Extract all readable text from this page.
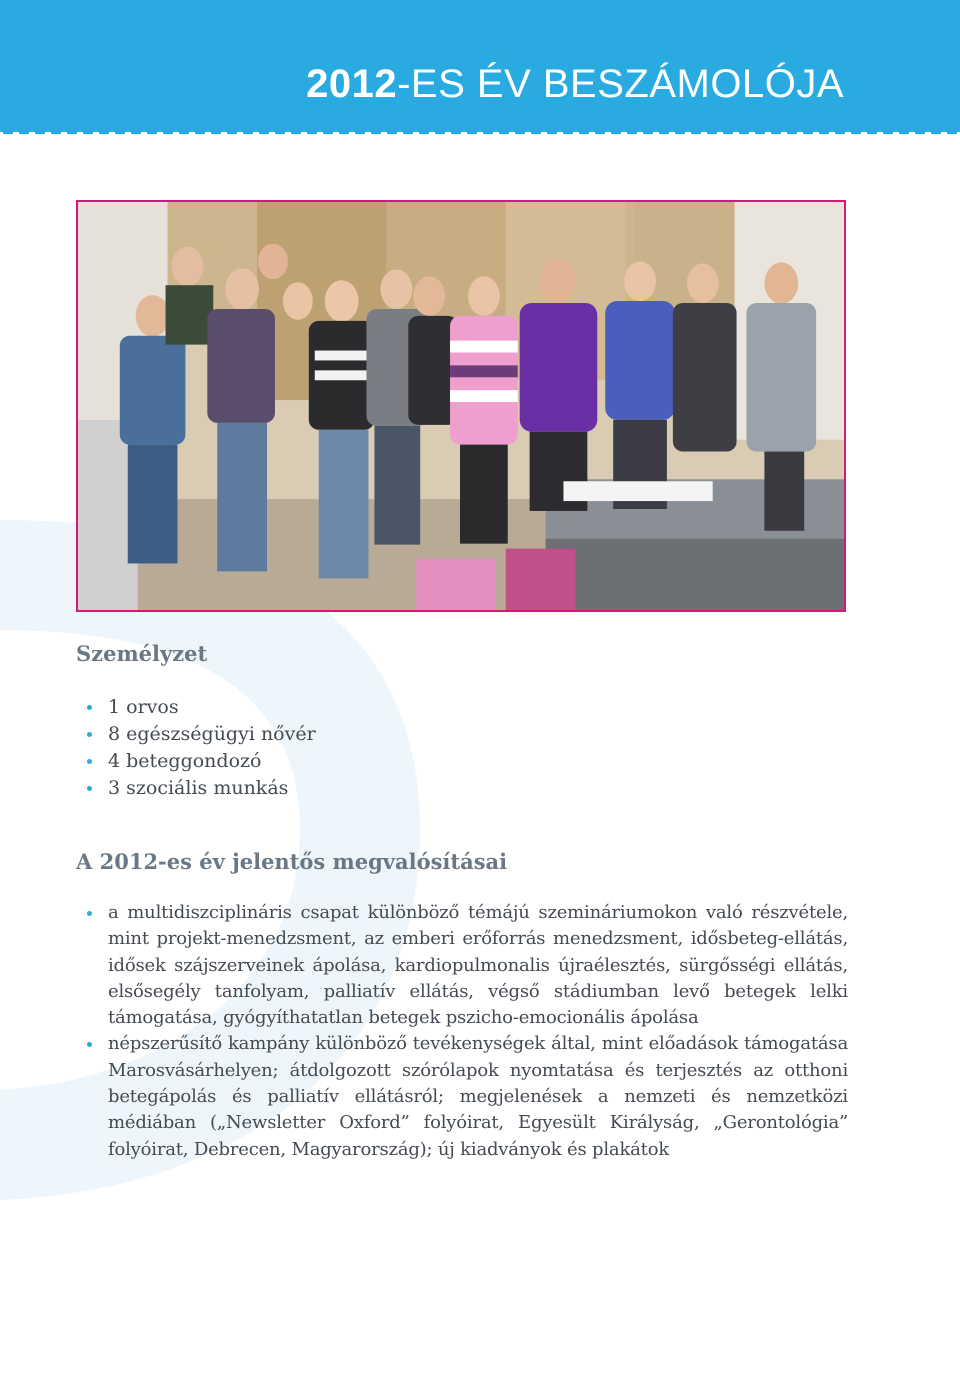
2012-ES ÉV BESZÁMOLÓJA
Személyzet
1 orvos
8 egészségügyi nővér
4 beteggondozó
3 szociális munkás
A 2012-es év jelentős megvalósításai
a multidiszciplináris csapat különböző témájú szemináriumokon való részvétele, mint projekt-menedzsment, az emberi erőforrás menedzsment, idősbeteg-ellátás, idősek szájszerveinek ápolása, kardiopulmonalis újraélesztés, sürgősségi ellátás, elsősegély tanfolyam, palliatív ellátás, végső stádiumban levő betegek lelki támogatása, gyógyíthatatlan betegek pszicho-emocionális ápolása
népszerűsítő kampány különböző tevékenységek által, mint előadások támogatása Marosvásárhelyen; átdolgozott szórólapok nyomtatása és terjesztés az otthoni betegápolás és palliatív ellátásról; megjelenések a nemzeti és nemzetközi médiában („Newsletter Oxford” folyóirat, Egyesült Királyság, „Gerontológia” folyóirat, Debrecen, Magyarország); új kiadványok és plakátok
